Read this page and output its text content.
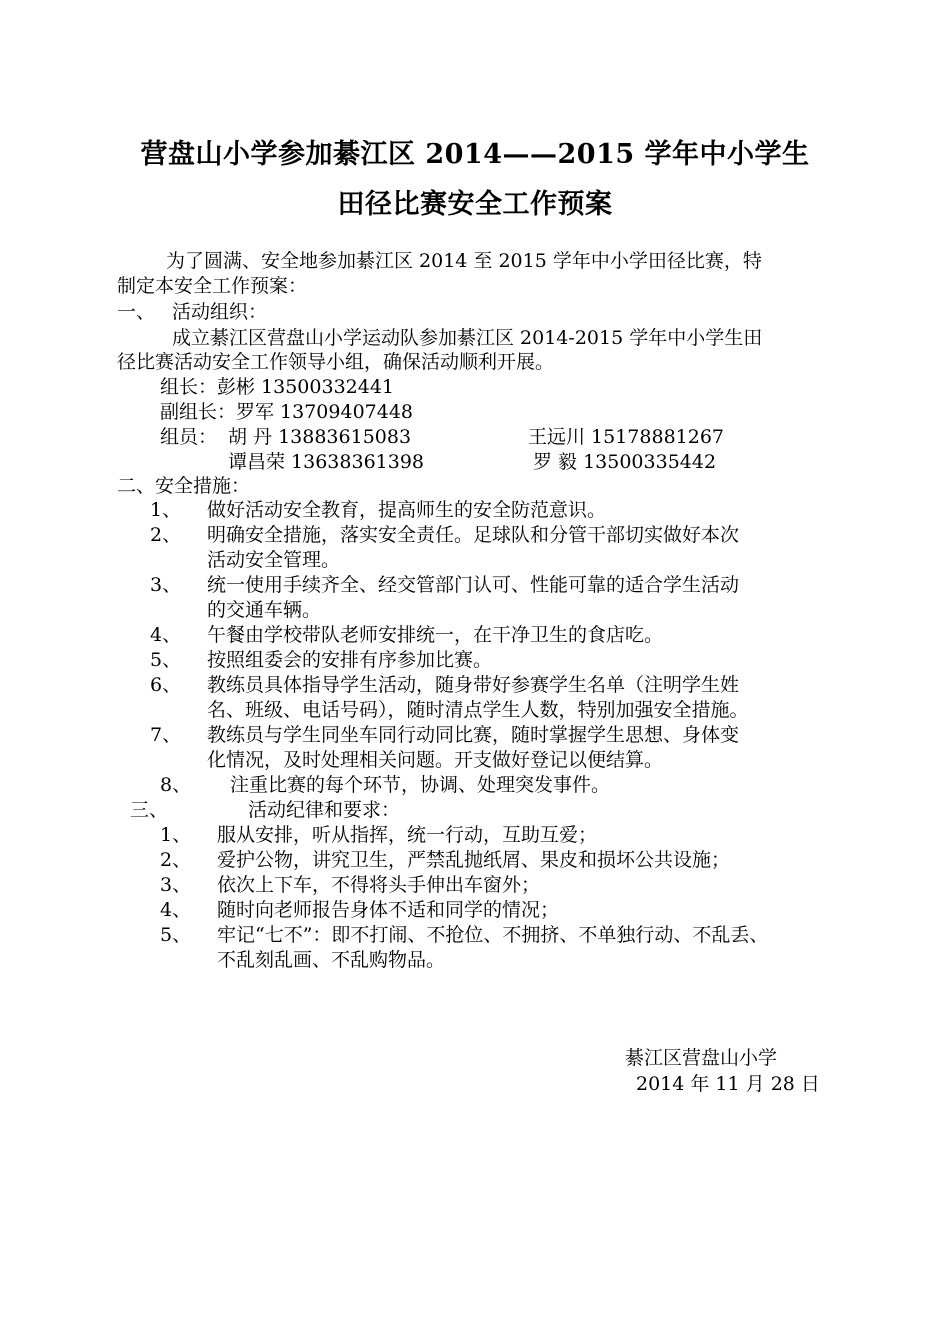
营盘山小学参加綦江区 2014——2015 学年中小学生
田径比赛安全工作预案
为了圆满、安全地参加綦江区 2014 至 2015 学年中小学田径比赛，特
制定本安全工作预案：
一、 活动组织：
成立綦江区营盘山小学运动队参加綦江区 2014-2015 学年中小学生田
径比赛活动安全工作领导小组，确保活动顺利开展。
组长：彭彬 13500332441
副组长：罗军 13709407448
组员： 胡 丹 13883615083	王远川 15178881267
谭昌荣 13638361398	罗 毅 13500335442
二、安全措施：
1、 做好活动安全教育，提高师生的安全防范意识。
2、 明确安全措施，落实安全责任。足球队和分管干部切实做好本次
活动安全管理。
3、 统一使用手续齐全、经交管部门认可、性能可靠的适合学生活动
的交通车辆。
4、 午餐由学校带队老师安排统一，在干净卫生的食店吃。
5、 按照组委会的安排有序参加比赛。
6、 教练员具体指导学生活动，随身带好参赛学生名单（注明学生姓
名、班级、电话号码），随时清点学生人数，特别加强安全措施。
7、 教练员与学生同坐车同行动同比赛，随时掌握学生思想、身体变
化情况，及时处理相关问题。开支做好登记以便结算。
8、 注重比赛的每个环节，协调、处理突发事件。
三、	活动纪律和要求：
1、 服从安排，听从指挥，统一行动，互助互爱；
2、 爱护公物，讲究卫生，严禁乱抛纸屑、果皮和损坏公共设施；
3、 依次上下车，不得将头手伸出车窗外；
4、 随时向老师报告身体不适和同学的情况；
5、 牢记“七不”：即不打闹、不抢位、不拥挤、不单独行动、不乱丢、
不乱刻乱画、不乱购物品。
綦江区营盘山小学
2014 年 11 月 28 日
